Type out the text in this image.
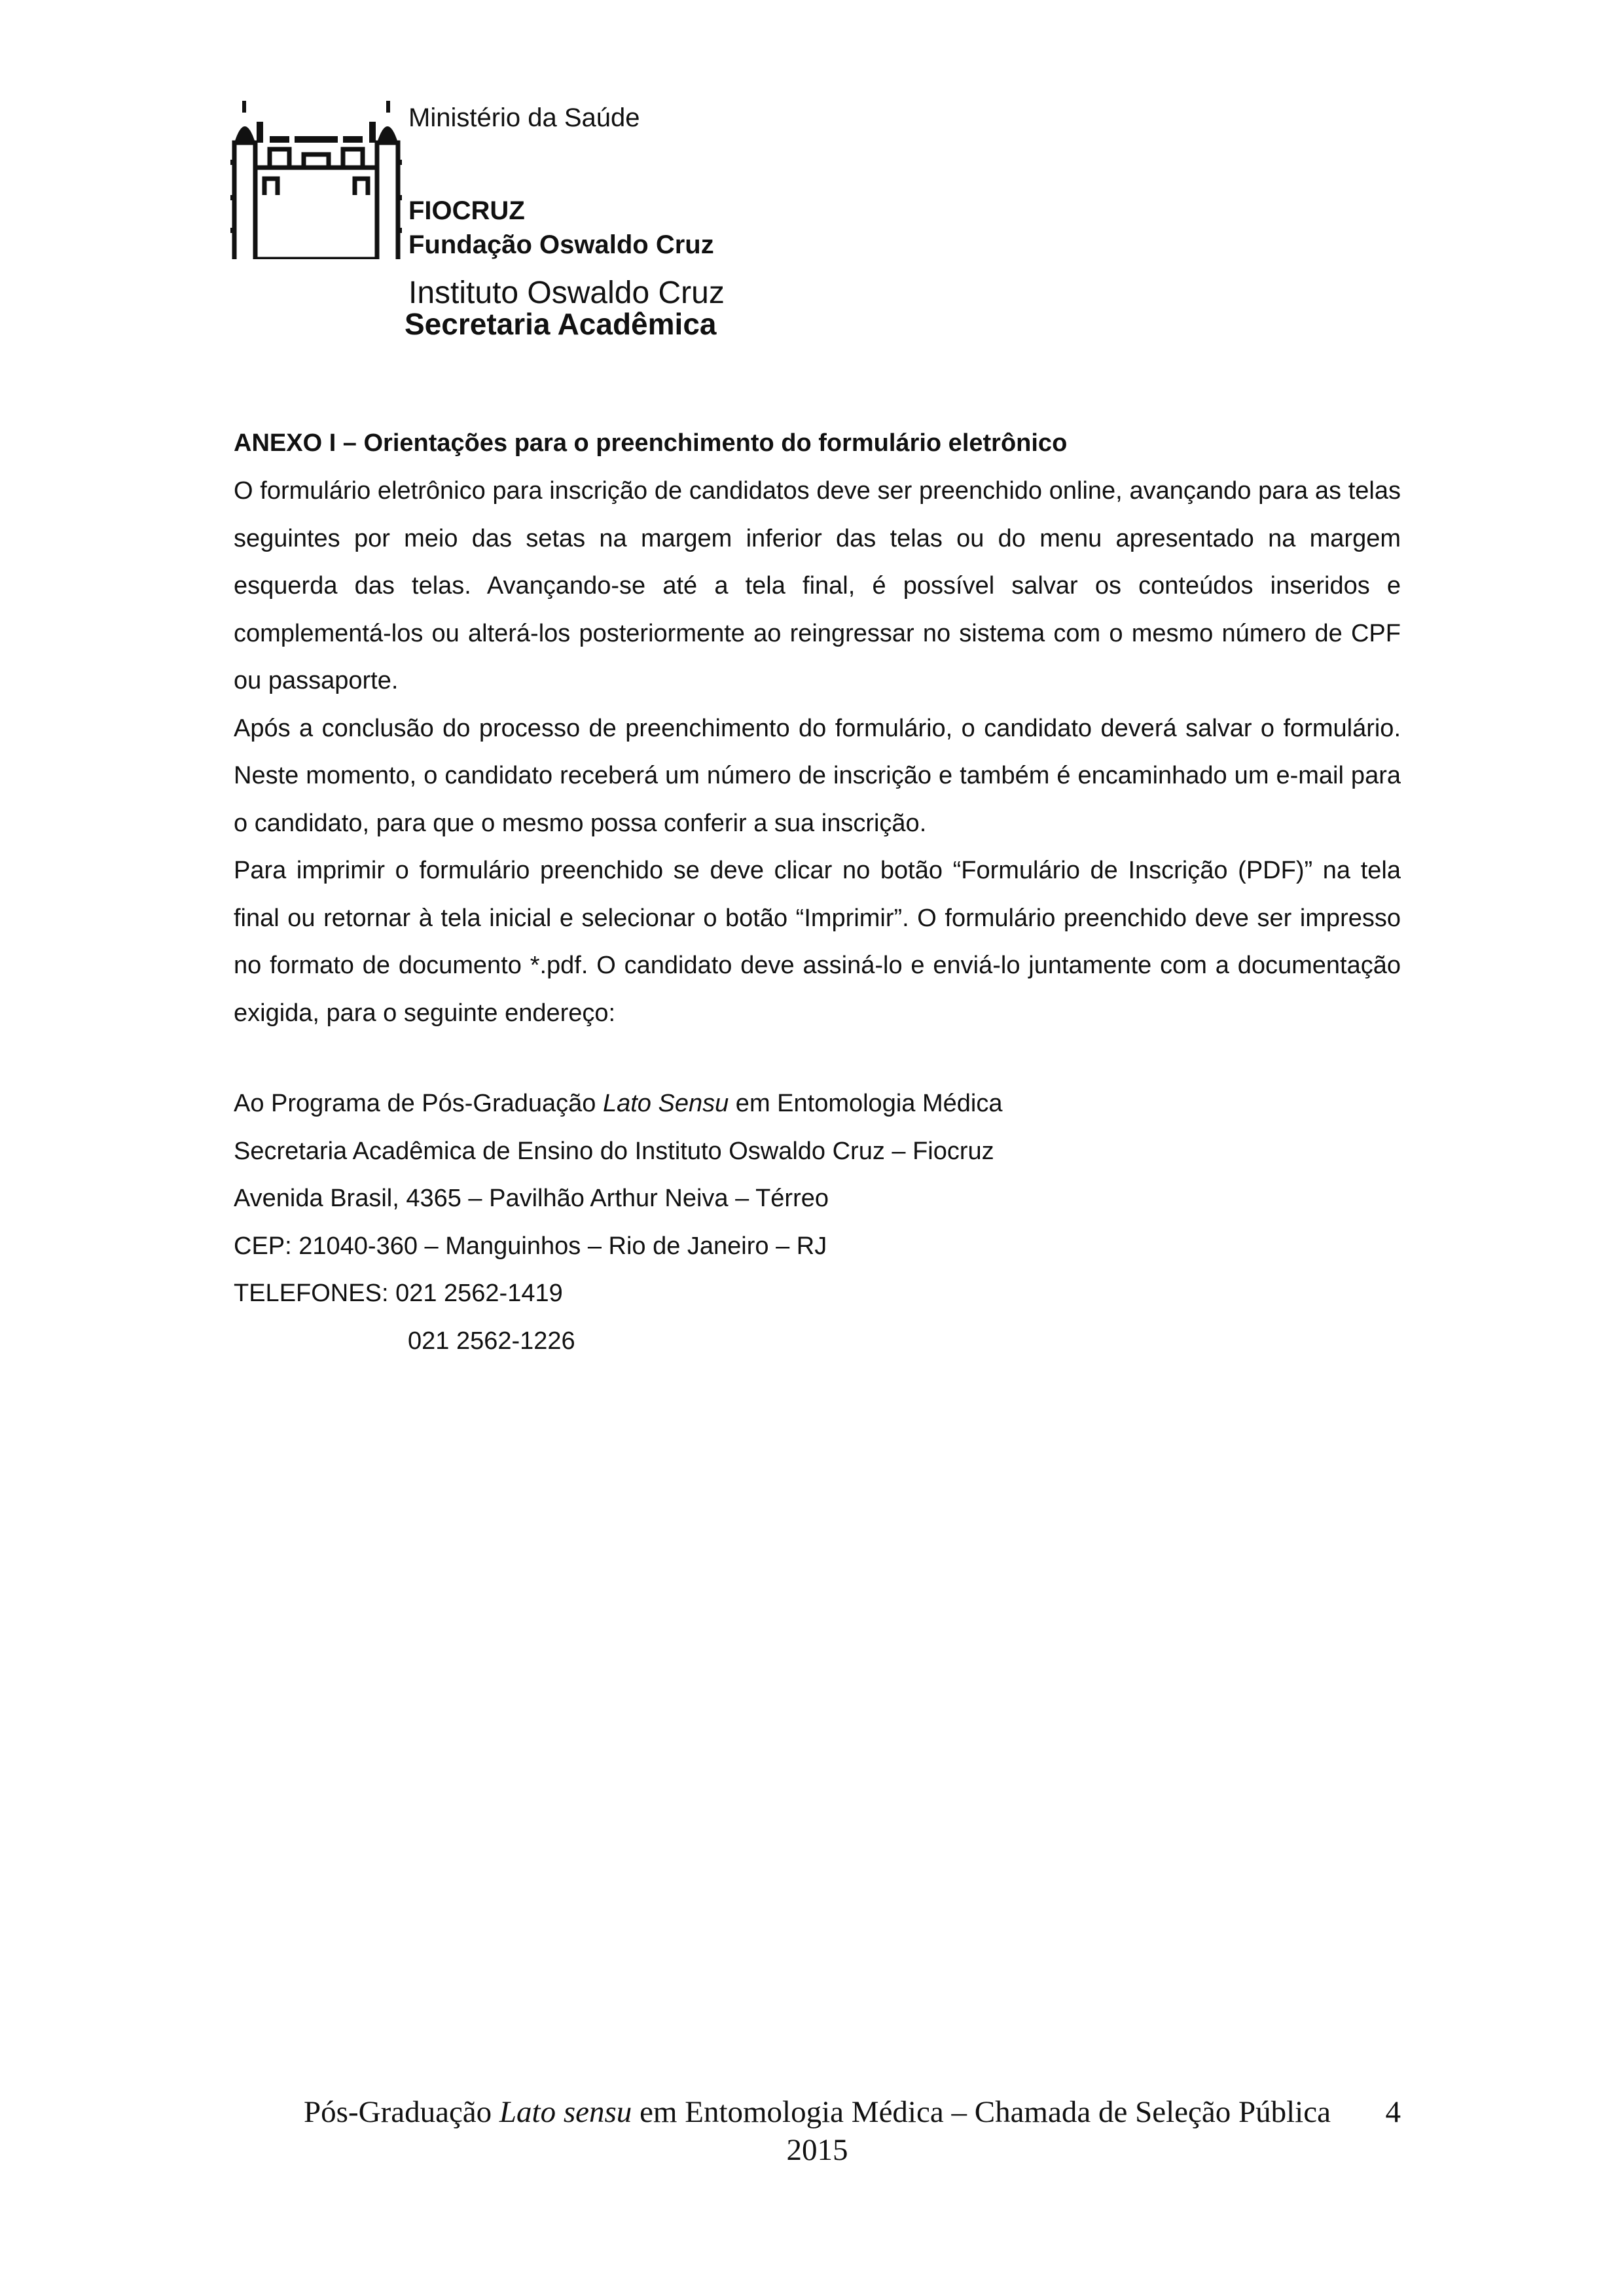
Ministério da Saúde
FIOCRUZ
Fundação Oswaldo Cruz
Instituto Oswaldo Cruz
Secretaria Acadêmica

ANEXO I – Orientações para o preenchimento do formulário eletrônico

O formulário eletrônico para inscrição de candidatos deve ser preenchido online, avançando para as telas seguintes por meio das setas na margem inferior das telas ou do menu apresentado na margem esquerda das telas. Avançando-se até a tela final, é possível salvar os conteúdos inseridos e complementá-los ou alterá-los posteriormente ao reingressar no sistema com o mesmo número de CPF ou passaporte.

Após a conclusão do processo de preenchimento do formulário, o candidato deverá salvar o formulário. Neste momento, o candidato receberá um número de inscrição e também é encaminhado um e-mail para o candidato, para que o mesmo possa conferir a sua inscrição.

Para imprimir o formulário preenchido se deve clicar no botão “Formulário de Inscrição (PDF)” na tela final ou retornar à tela inicial e selecionar o botão “Imprimir”. O formulário preenchido deve ser impresso no formato de documento *.pdf. O candidato deve assiná-lo e enviá-lo juntamente com a documentação exigida, para o seguinte endereço:

Ao Programa de Pós-Graduação Lato Sensu em Entomologia Médica
Secretaria Acadêmica de Ensino do Instituto Oswaldo Cruz – Fiocruz
Avenida Brasil, 4365 – Pavilhão Arthur Neiva – Térreo
CEP: 21040-360 – Manguinhos – Rio de Janeiro – RJ
TELEFONES: 021 2562-1419
021 2562-1226
Pós-Graduação Lato sensu em Entomologia Médica – Chamada de Seleção Pública
2015
4
